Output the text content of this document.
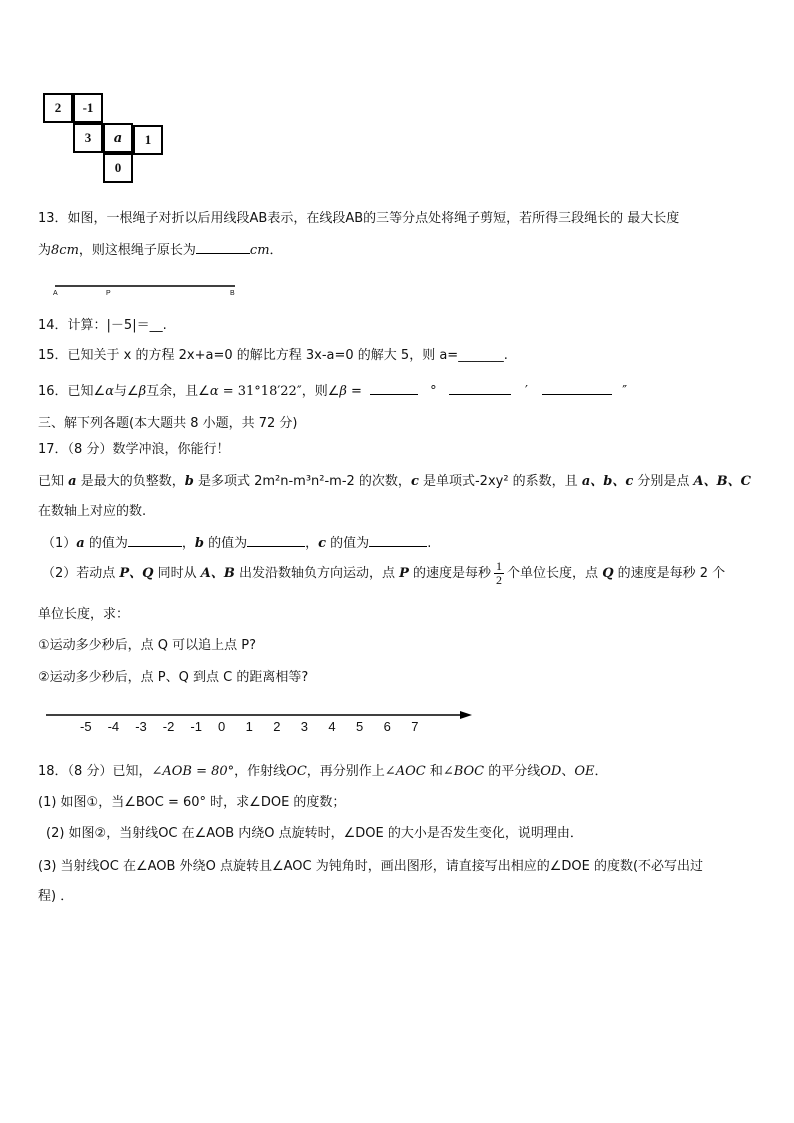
2	-1
3	a	1
0
13．如图，一根绳子对折以后用线段AB表示，在线段AB的三等分点处将绳子剪短，若所得三段绳长的 最大长度
为8cm，则这根绳子原长为	cm．
A	P	B
14．计算：|－5|＝__.
15．已知关于 x 的方程 2x+a=0 的解比方程 3x-a=0 的解大 5，则 a=_______.
16．已知∠α与∠β互余，且∠α = 31°18′22″，则∠β =	°	′	″
三、解下列各题(本大题共 8 小题，共 72 分)
17．（8 分）数学冲浪，你能行！
已知 a 是最大的负整数，b 是多项式 2m²n-m³n²-m-2 的次数，c 是单项式-2xy² 的系数，且 a、b、c 分别是点 A、B、C
在数轴上对应的数.
（1）a 的值为	，b 的值为	，c 的值为	.
（2）若动点 P、Q 同时从 A、B 出发沿数轴负方向运动，点 P 的速度是每秒 $\frac{1}{2}$ 个单位长度，点 Q 的速度是每秒 2 个
单位长度，求：
①运动多少秒后，点 Q 可以追上点 P?
②运动多少秒后，点 P、Q 到点 C 的距离相等?
-5 -4 -3 -2 -1 0 1 2 3 4 5 6 7
18．（8 分）已知，∠AOB = 80°，作射线OC，再分别作上∠AOC 和∠BOC 的平分线OD、OE．
(1) 如图①，当∠BOC = 60° 时，求∠DOE 的度数；
(2) 如图②，当射线OC 在∠AOB 内绕O 点旋转时，∠DOE 的大小是否发生变化，说明理由．
(3) 当射线OC 在∠AOB 外绕O 点旋转且∠AOC 为钝角时，画出图形，请直接写出相应的∠DOE 的度数(不必写出过
程) ．
